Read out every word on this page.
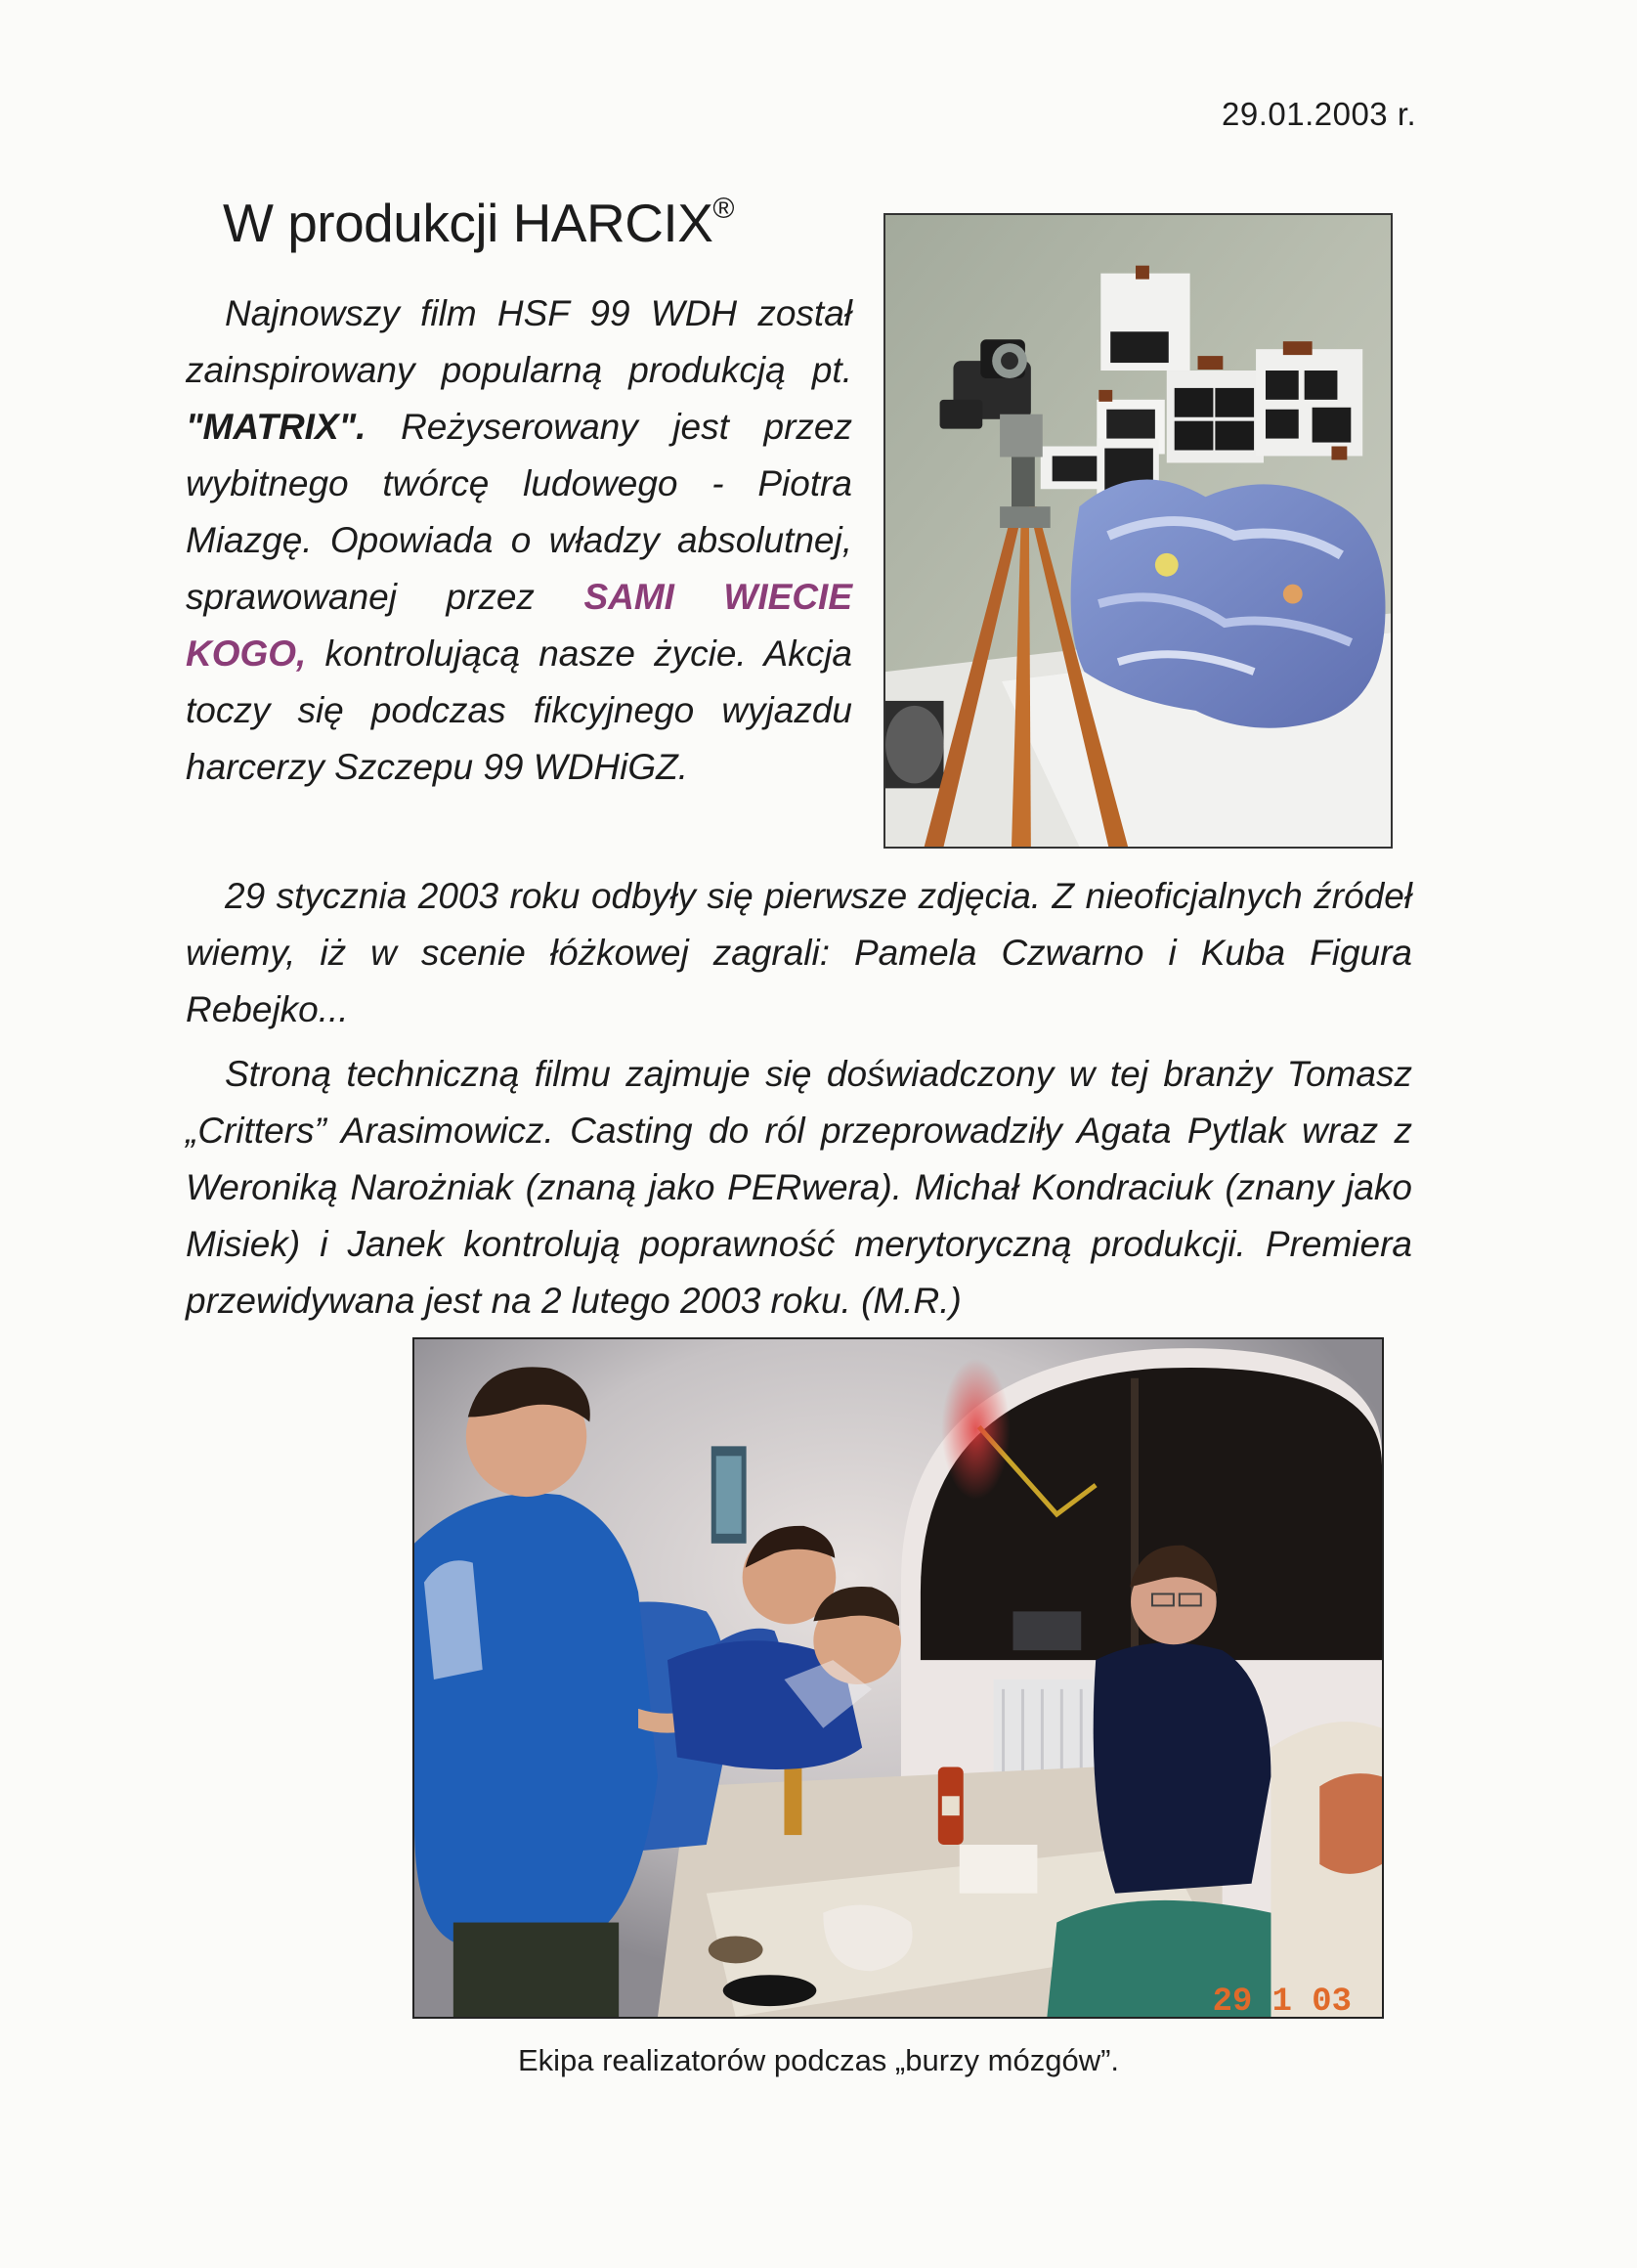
29.01.2003 r.
W produkcji HARCIX®

Najnowszy film HSF 99 WDH został zainspirowany popularną produkcją pt. "MATRIX". Reżyserowany jest przez wybitnego twórcę ludowego - Piotra Miazgę. Opowiada o władzy absolutnej, sprawowanej przez SAMI WIECIE KOGO, kontrolującą nasze życie. Akcja toczy się podczas fikcyjnego wyjazdu harcerzy Szczepu 99 WDHiGZ.

29 stycznia 2003 roku odbyły się pierwsze zdjęcia. Z nieoficjalnych źródeł wiemy, iż w scenie łóżkowej zagrali: Pamela Czwarno i Kuba Figura Rebejko...

Stroną techniczną filmu zajmuje się doświadczony w tej branży Tomasz „Critters” Arasimowicz. Casting do ról przeprowadziły Agata Pytlak wraz z Weroniką Narożniak (znaną jako PERwera). Michał Kondraciuk (znany jako Misiek) i Janek kontrolują poprawność merytoryczną produkcji. Premiera przewidywana jest na 2 lutego 2003 roku. (M.R.)

29 1 03
Ekipa realizatorów podczas „burzy mózgów”.
